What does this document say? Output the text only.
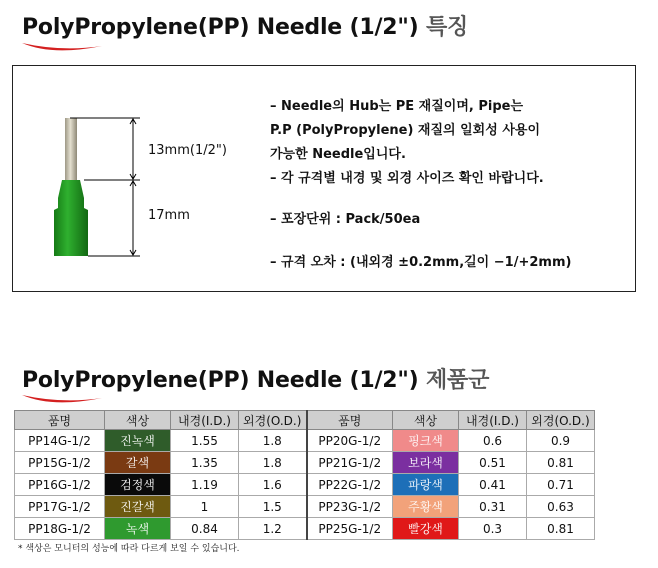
PolyPropylene(PP) Needle (1/2") 특징
13mm(1/2")
17mm
– Needle의 Hub는 PE 재질이며, Pipe는
P.P (PolyPropylene) 재질의 일회성 사용이
가능한 Needle입니다.
– 각 규격별 내경 및 외경 사이즈 확인 바랍니다.
– 포장단위 : Pack/50ea
– 규격 오차 : (내외경 ±0.2mm,길이 −1/+2mm)
PolyPropylene(PP) Needle (1/2") 제품군
품명	색상	내경(I.D.)	외경(O.D.)	품명	색상	내경(I.D.)	외경(O.D.)
PP14G-1/2	진녹색	1.55	1.8	PP20G-1/2	핑크색	0.6	0.9
PP15G-1/2	갈색	1.35	1.8	PP21G-1/2	보라색	0.51	0.81
PP16G-1/2	검정색	1.19	1.6	PP22G-1/2	파랑색	0.41	0.71
PP17G-1/2	진갈색	1	1.5	PP23G-1/2	주황색	0.31	0.63
PP18G-1/2	녹색	0.84	1.2	PP25G-1/2	빨강색	0.3	0.81
* 색상은 모니터의 성능에 따라 다르게 보일 수 있습니다.
